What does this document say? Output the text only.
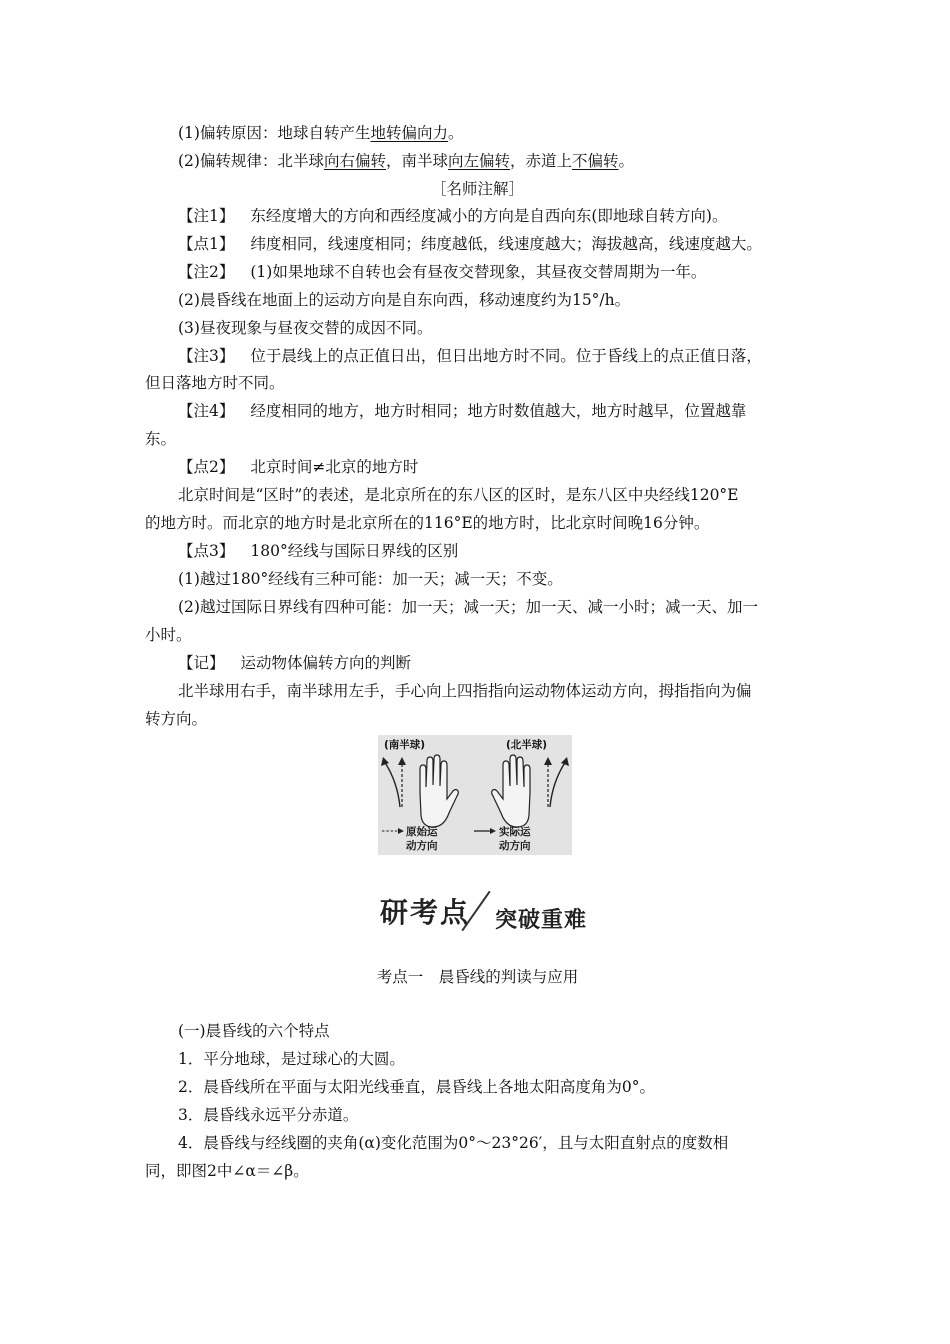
(1)偏转原因：地球自转产生地转偏向力。
(2)偏转规律：北半球向右偏转，南半球向左偏转，赤道上不偏转。
［名师注解］
【注1】 东经度增大的方向和西经度减小的方向是自西向东(即地球自转方向)。
【点1】 纬度相同，线速度相同；纬度越低，线速度越大；海拔越高，线速度越大。
【注2】 (1)如果地球不自转也会有昼夜交替现象，其昼夜交替周期为一年。
(2)晨昏线在地面上的运动方向是自东向西，移动速度约为15°/h。
(3)昼夜现象与昼夜交替的成因不同。
【注3】 位于晨线上的点正值日出，但日出地方时不同。位于昏线上的点正值日落，
但日落地方时不同。
【注4】 经度相同的地方，地方时相同；地方时数值越大，地方时越早，位置越靠
东。
【点2】 北京时间≠北京的地方时
北京时间是“区时”的表述，是北京所在的东八区的区时，是东八区中央经线120°E
的地方时。而北京的地方时是北京所在的116°E的地方时，比北京时间晚16分钟。
【点3】 180°经线与国际日界线的区别
(1)越过180°经线有三种可能：加一天；减一天；不变。
(2)越过国际日界线有四种可能：加一天；减一天；加一天、减一小时；减一天、加一
小时。
【记】 运动物体偏转方向的判断
北半球用右手，南半球用左手，手心向上四指指向运动物体运动方向，拇指指向为偏
转方向。
(南半球)	(北半球)
原始运
动方向
实际运
动方向
研考点 突破重难
考点一　晨昏线的判读与应用
(一)晨昏线的六个特点
1．平分地球，是过球心的大圆。
2．晨昏线所在平面与太阳光线垂直，晨昏线上各地太阳高度角为0°。
3．晨昏线永远平分赤道。
4．晨昏线与经线圈的夹角(α)变化范围为0°～23°26′，且与太阳直射点的度数相
同，即图2中∠α＝∠β。
